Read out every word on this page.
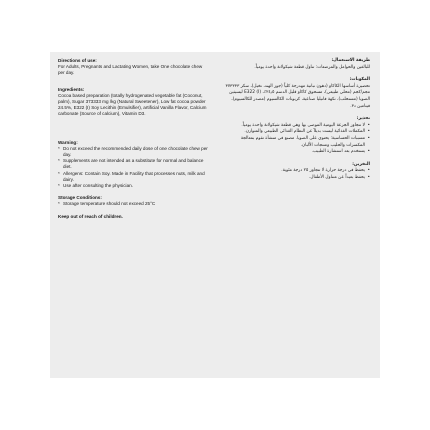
Directions of use:

For Adults, Pregnants and Lactating Women, take One chocolate chew per day.

Ingredients:

Cocoa based preparation (totally hydrogenated vegetable fat (Coconut, palm), Sugar 373333 mg /kg (Natural Sweetener), Low fat cocoa powder 24.5%, E322 (I) Soy Lecithin (Emulsifier), artificial Vanilla Flavor, Calcium carbonate (Source of calcium), Vitamin D3.

Warning:

* Do not exceed the recommended daily dose of one chocolate chew per day.
* Supplements are not intended as a substitute for normal and balance diet.
* Allergens: Contain Soy. Made in Facility that processes nuts, milk and dairy.
* Use after consulting the physician.

Storage Conditions:

* Storage temperature should not exceed 25°C

Keep out of reach of children.

طريقة الاستعمال:

للبالغين والحوامل والمرضعات: تناول قطعة شيكولاتة واحدة يومياً.

المكونات:

تحضيرة أساسها الكاكاو (دهون نباتية مهدرجة كلياً (جوز الهند، نخيل)، سكر ٣٧٣٣٣٣ مجم/كجم (محلي طبيعي)، مسحوق كاكاو قليل الدسم ٢٤٫٥٪، E322 (I) ليسيثين الصويا (مستحلب)، نكهة فانيليا صناعية، كربونات الكالسيوم (مصدر للكالسيوم)، فيتامين د٣.

تحذير:

• لا تتجاوز الجرعة اليومية الموصى بها وهي قطعة شيكولاتة واحدة يومياً.
• المكملات الغذائية ليست بديلاً عن النظام الغذائي الطبيعي والمتوازن.
• مسببات الحساسية: يحتوي على الصويا. مصنع في منشأة تقوم بمعالجة المكسرات والحليب ومنتجات الألبان.
• يستخدم بعد استشارة الطبيب.

التخزين:

• يحفظ في درجة حرارة لا تتجاوز ٢٥ درجة مئوية.
• يحفظ بعيداً عن متناول الأطفال.
